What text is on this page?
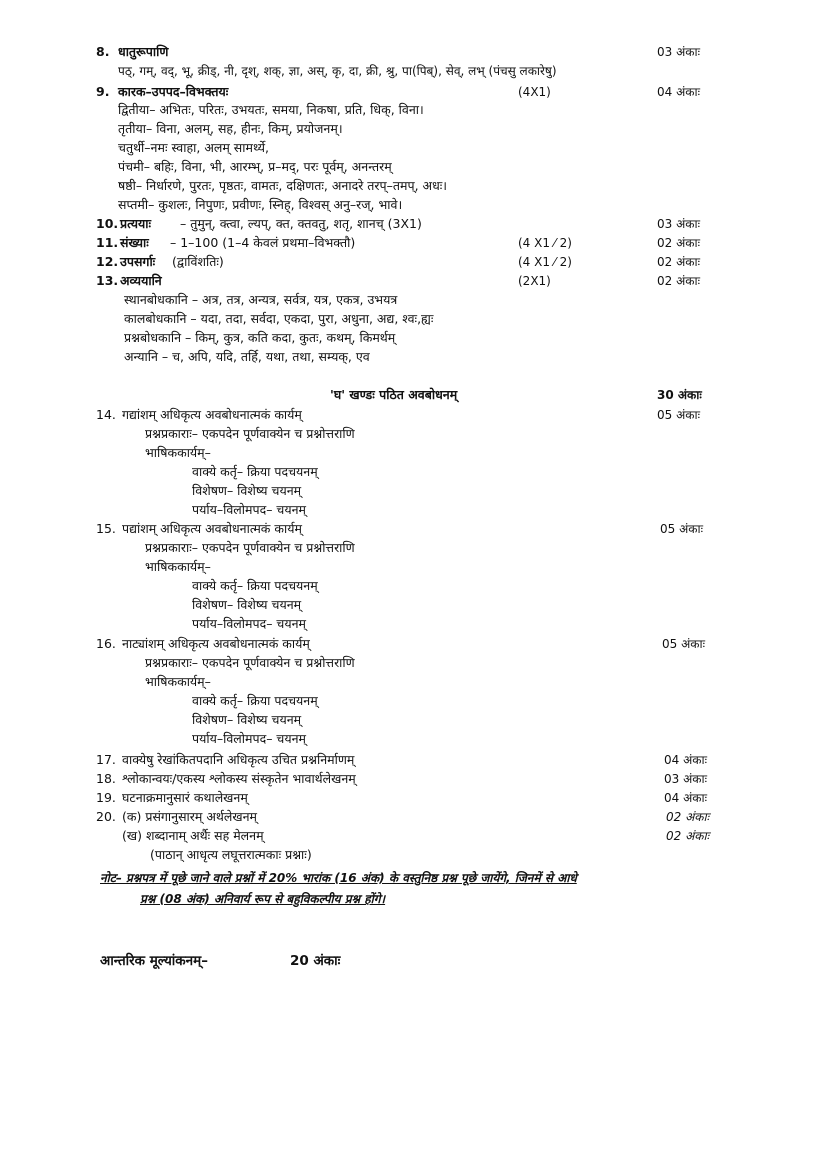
8. धातुरूपाणि	03 अंकाः
पठ्, गम्, वद्, भू, क्रीड्, नी, दृश्, शक्, ज्ञा, अस्, कृ, दा, क्री, श्रु, पा(पिब्), सेव्, लभ् (पंचसु लकारेषु)
9. कारक–उपपद–विभक्तयः	(4X1)	04 अंकाः
द्वितीया– अभितः, परितः, उभयतः, समया, निकषा, प्रति, धिक्, विना।
तृतीया– विना, अलम्, सह, हीनः, किम्, प्रयोजनम्।
चतुर्थी–नमः स्वाहा, अलम् सामर्थ्ये,
पंचमी– बहिः, विना, भी, आरम्भ्, प्र–मद्, परः पूर्वम्, अनन्तरम्
षष्ठी– निर्धारणे, पुरतः, पृष्ठतः, वामतः, दक्षिणतः, अनादरे तरप्–तमप्, अधः।
सप्तमी– कुशलः, निपुणः, प्रवीणः, स्निह्, विश्वस् अनु–रज्, भावे।
10. प्रत्ययाः – तुमुन्, क्त्वा, ल्यप्, क्त, क्तवतु, शतृ, शानच् (3X1)	03 अंकाः
11. संख्याः – 1–100 (1–4 केवलं प्रथमा–विभक्तौ)	(4 X1 ⁄ 2)	02 अंकाः
12. उपसर्गाः (द्वाविंशतिः)	(4 X1 ⁄ 2)	02 अंकाः
13. अव्ययानि	(2X1)	02 अंकाः
स्थानबोधकानि – अत्र, तत्र, अन्यत्र, सर्वत्र, यत्र, एकत्र, उभयत्र
कालबोधकानि – यदा, तदा, सर्वदा, एकदा, पुरा, अधुना, अद्य, श्वः,ह्यः
प्रश्नबोधकानि – किम्, कुत्र, कति कदा, कुतः, कथम्, किमर्थम्
अन्यानि – च, अपि, यदि, तर्हि, यथा, तथा, सम्यक्, एव
'घ' खण्डः पठित अवबोधनम्	30 अंकाः
14. गद्यांशम् अधिकृत्य अवबोधनात्मकं कार्यम्	05 अंकाः
प्रश्नप्रकाराः– एकपदेन पूर्णवाक्येन च प्रश्नोत्तराणि
भाषिककार्यम्–
वाक्ये कर्तृ– क्रिया पदचयनम्
विशेषण– विशेष्य चयनम्
पर्याय–विलोमपद– चयनम्
15. पद्यांशम् अधिकृत्य अवबोधनात्मकं कार्यम्	05 अंकाः
प्रश्नप्रकाराः– एकपदेन पूर्णवाक्येन च प्रश्नोत्तराणि
भाषिककार्यम्–
वाक्ये कर्तृ– क्रिया पदचयनम्
विशेषण– विशेष्य चयनम्
पर्याय–विलोमपद– चयनम्
16. नाट्यांशम् अधिकृत्य अवबोधनात्मकं कार्यम्	05 अंकाः
प्रश्नप्रकाराः– एकपदेन पूर्णवाक्येन च प्रश्नोत्तराणि
भाषिककार्यम्–
वाक्ये कर्तृ– क्रिया पदचयनम्
विशेषण– विशेष्य चयनम्
पर्याय–विलोमपद– चयनम्
17. वाक्येषु रेखांकितपदानि अधिकृत्य उचित प्रश्ननिर्माणम्	04 अंकाः
18. श्लोकान्वयः/एकस्य श्लोकस्य संस्कृतेन भावार्थलेखनम्	03 अंकाः
19. घटनाक्रमानुसारं कथालेखनम्	04 अंकाः
20. (क) प्रसंगानुसारम् अर्थलेखनम्	02 अंकाः
(ख) शब्दानाम् अर्थैः सह मेलनम्	02 अंकाः
(पाठान् आधृत्य लघूत्तरात्मकाः प्रश्नाः)
नोट– प्रश्नपत्र में पूछे जाने वाले प्रश्नों में 20% भारांक (16 अंक) के वस्तुनिष्ठ प्रश्न पूछे जायेंगे, जिनमें से आधे
प्रश्न (08 अंक) अनिवार्य रूप से बहुविकल्पीय प्रश्न होंगे।
आन्तरिक मूल्यांकनम्–	20 अंकाः
